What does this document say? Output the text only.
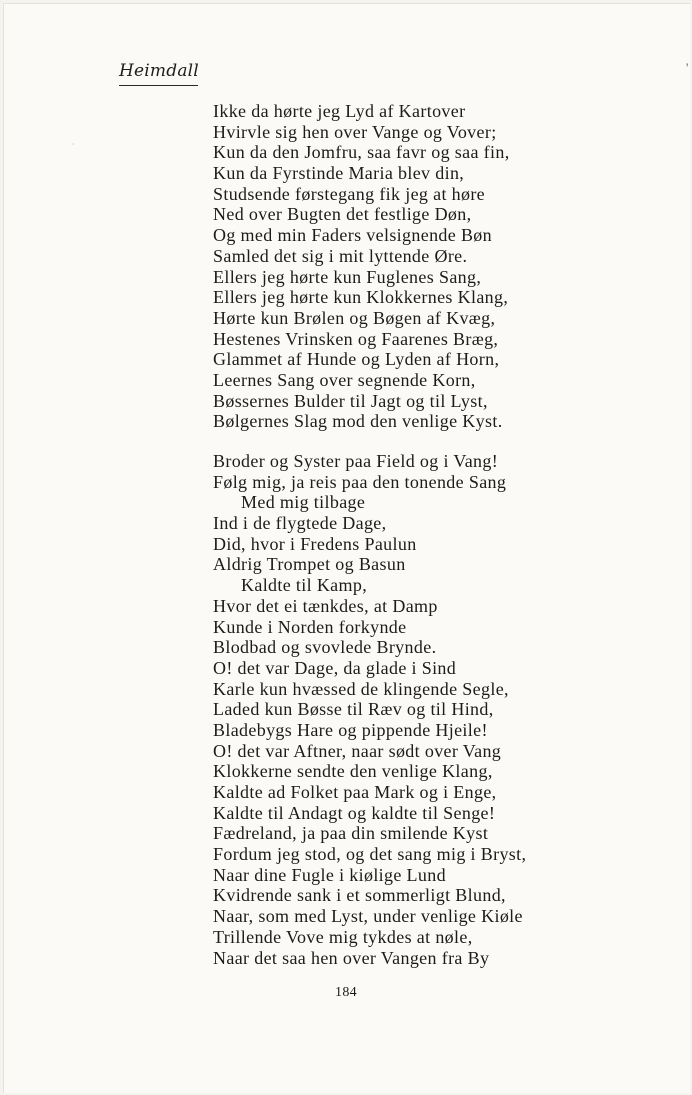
'
·
Heimdall
Ikke da hørte jeg Lyd af Kartover
Hvirvle sig hen over Vange og Vover;
Kun da den Jomfru, saa favr og saa fin,
Kun da Fyrstinde Maria blev din,
Studsende førstegang fik jeg at høre
Ned over Bugten det festlige Døn,
Og med min Faders velsignende Bøn
Samled det sig i mit lyttende Øre.
Ellers jeg hørte kun Fuglenes Sang,
Ellers jeg hørte kun Klokkernes Klang,
Hørte kun Brølen og Bøgen af Kvæg,
Hestenes Vrinsken og Faarenes Bræg,
Glammet af Hunde og Lyden af Horn,
Leernes Sang over segnende Korn,
Bøssernes Bulder til Jagt og til Lyst,
Bølgernes Slag mod den venlige Kyst.
Broder og Syster paa Field og i Vang!
Følg mig, ja reis paa den tonende Sang
Med mig tilbage
Ind i de flygtede Dage,
Did, hvor i Fredens Paulun
Aldrig Trompet og Basun
Kaldte til Kamp,
Hvor det ei tænkdes, at Damp
Kunde i Norden forkynde
Blodbad og svovlede Brynde.
O! det var Dage, da glade i Sind
Karle kun hvæssed de klingende Segle,
Laded kun Bøsse til Ræv og til Hind,
Bladebygs Hare og pippende Hjeile!
O! det var Aftner, naar sødt over Vang
Klokkerne sendte den venlige Klang,
Kaldte ad Folket paa Mark og i Enge,
Kaldte til Andagt og kaldte til Senge!
Fædreland, ja paa din smilende Kyst
Fordum jeg stod, og det sang mig i Bryst,
Naar dine Fugle i kiølige Lund
Kvidrende sank i et sommerligt Blund,
Naar, som med Lyst, under venlige Kiøle
Trillende Vove mig tykdes at nøle,
Naar det saa hen over Vangen fra By
184
